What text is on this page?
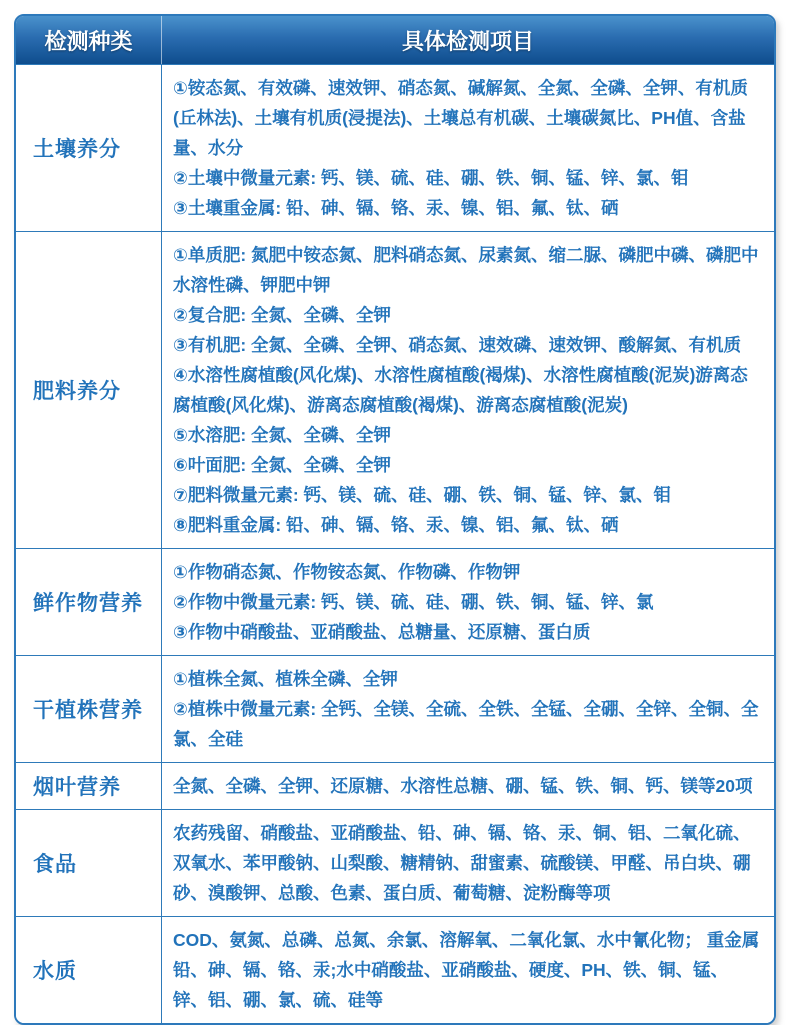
检测种类	具体检测项目
土壤养分

①铵态氮、有效磷、速效钾、硝态氮、碱解氮、全氮、全磷、全钾、有机质(丘林法)、土壤有机质(浸提法)、土壤总有机碳、土壤碳氮比、PH值、含盐量、水分

②土壤中微量元素: 钙、镁、硫、硅、硼、铁、铜、锰、锌、氯、钼

③土壤重金属: 铅、砷、镉、铬、汞、镍、铝、氟、钛、硒

肥料养分

①单质肥: 氮肥中铵态氮、肥料硝态氮、尿素氮、缩二脲、磷肥中磷、磷肥中水溶性磷、钾肥中钾

②复合肥: 全氮、全磷、全钾

③有机肥: 全氮、全磷、全钾、硝态氮、速效磷、速效钾、酸解氮、有机质

④水溶性腐植酸(风化煤)、水溶性腐植酸(褐煤)、水溶性腐植酸(泥炭)游离态腐植酸(风化煤)、游离态腐植酸(褐煤)、游离态腐植酸(泥炭)

⑤水溶肥: 全氮、全磷、全钾

⑥叶面肥: 全氮、全磷、全钾

⑦肥料微量元素: 钙、镁、硫、硅、硼、铁、铜、锰、锌、氯、钼

⑧肥料重金属: 铅、砷、镉、铬、汞、镍、铝、氟、钛、硒

鲜作物营养

①作物硝态氮、作物铵态氮、作物磷、作物钾

②作物中微量元素: 钙、镁、硫、硅、硼、铁、铜、锰、锌、氯

③作物中硝酸盐、亚硝酸盐、总糖量、还原糖、蛋白质

干植株营养

①植株全氮、植株全磷、全钾

②植株中微量元素: 全钙、全镁、全硫、全铁、全锰、全硼、全锌、全铜、全氯、全硅

烟叶营养	全氮、全磷、全钾、还原糖、水溶性总糖、硼、锰、铁、铜、钙、镁等20项

食品

农药残留、硝酸盐、亚硝酸盐、铅、砷、镉、铬、汞、铜、铝、二氧化硫、双氧水、苯甲酸钠、山梨酸、糖精钠、甜蜜素、硫酸镁、甲醛、吊白块、硼砂、溴酸钾、总酸、色素、蛋白质、葡萄糖、淀粉酶等项

水质

COD、氨氮、总磷、总氮、余氯、溶解氧、二氧化氯、水中氰化物； 重金属铅、砷、镉、铬、汞;水中硝酸盐、亚硝酸盐、硬度、PH、铁、铜、锰、锌、铝、硼、氯、硫、硅等
